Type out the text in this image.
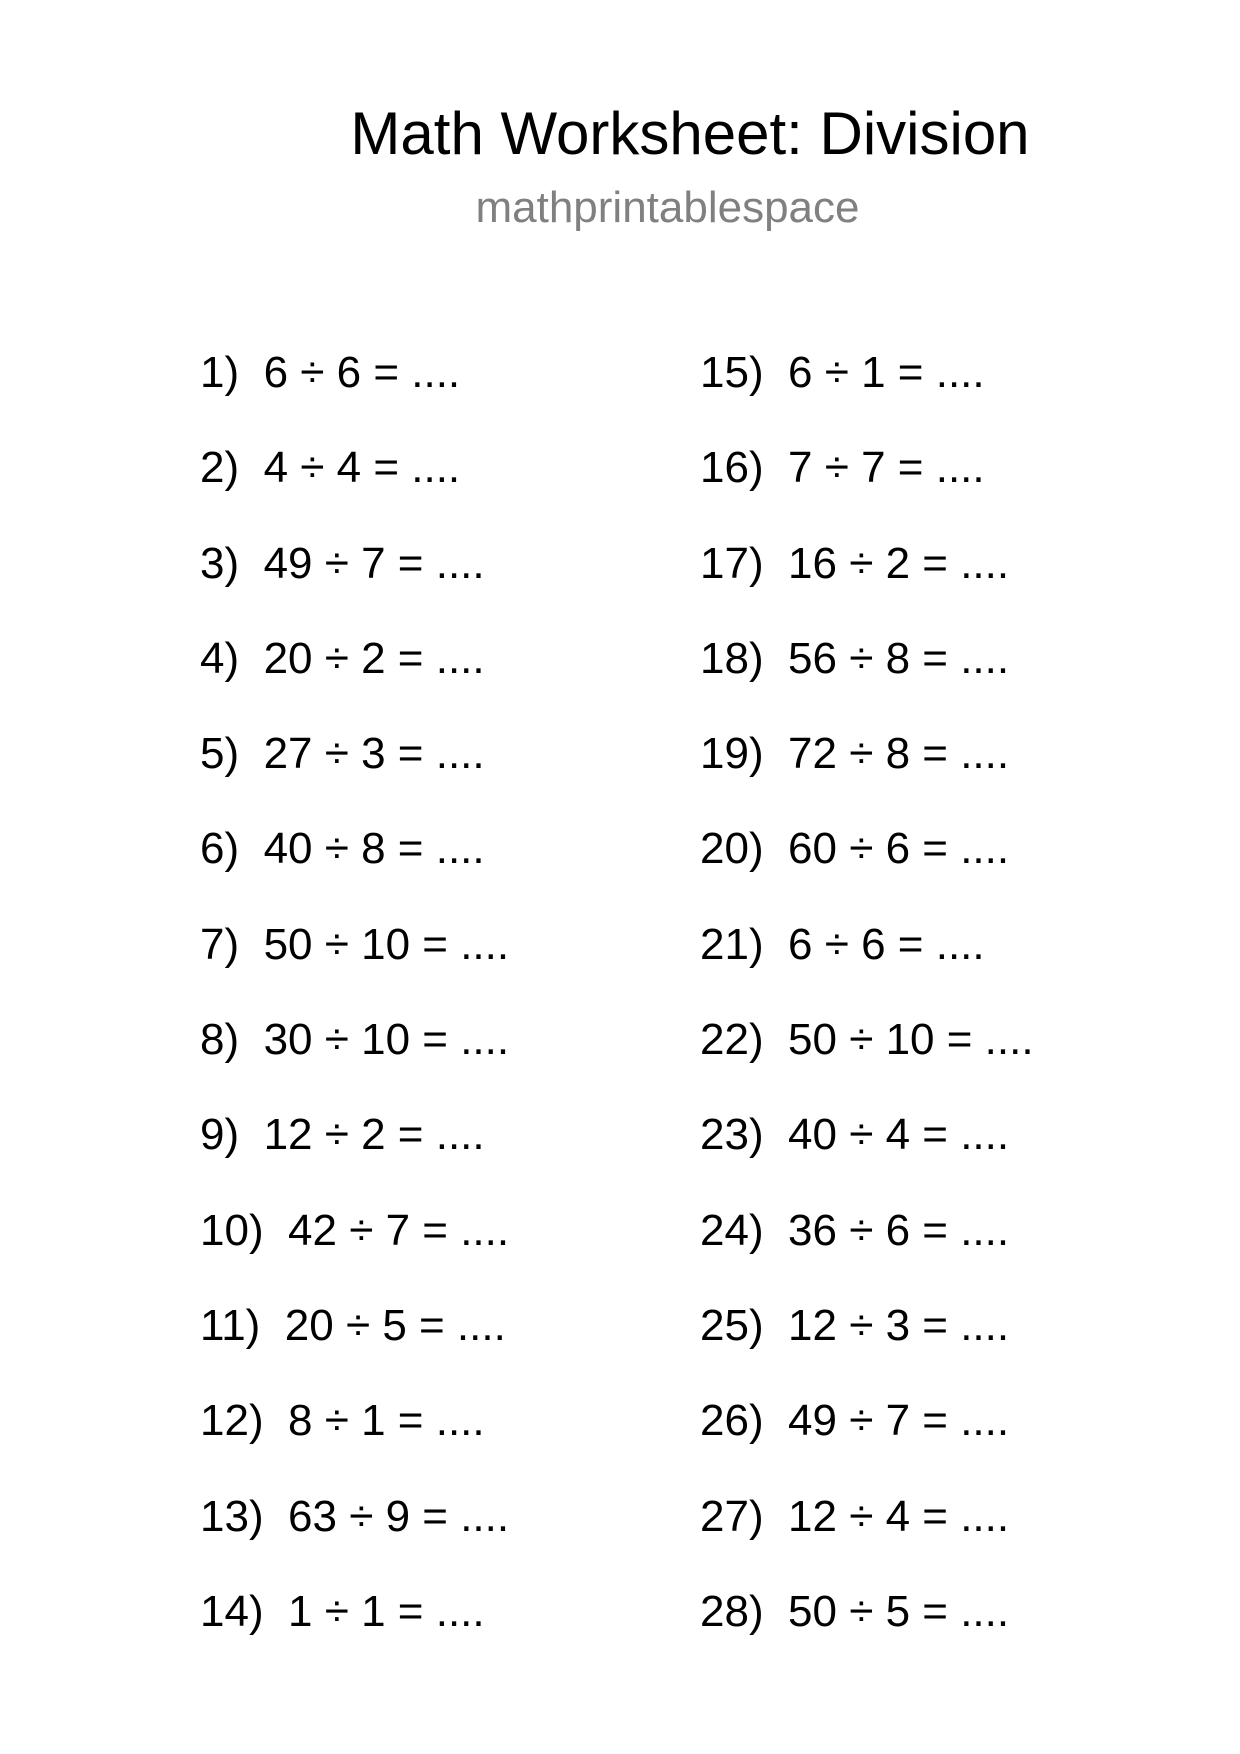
Math Worksheet: Division
mathprintablespace
1)  6 ÷ 6 = ....
2)  4 ÷ 4 = ....
3)  49 ÷ 7 = ....
4)  20 ÷ 2 = ....
5)  27 ÷ 3 = ....
6)  40 ÷ 8 = ....
7)  50 ÷ 10 = ....
8)  30 ÷ 10 = ....
9)  12 ÷ 2 = ....
10)  42 ÷ 7 = ....
11)  20 ÷ 5 = ....
12)  8 ÷ 1 = ....
13)  63 ÷ 9 = ....
14)  1 ÷ 1 = ....
15)  6 ÷ 1 = ....
16)  7 ÷ 7 = ....
17)  16 ÷ 2 = ....
18)  56 ÷ 8 = ....
19)  72 ÷ 8 = ....
20)  60 ÷ 6 = ....
21)  6 ÷ 6 = ....
22)  50 ÷ 10 = ....
23)  40 ÷ 4 = ....
24)  36 ÷ 6 = ....
25)  12 ÷ 3 = ....
26)  49 ÷ 7 = ....
27)  12 ÷ 4 = ....
28)  50 ÷ 5 = ....
